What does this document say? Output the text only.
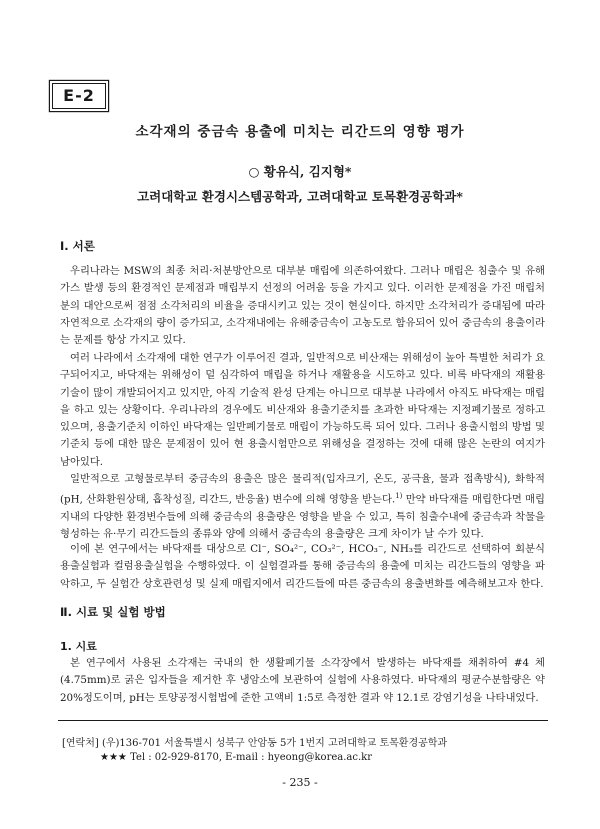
E-2
소각재의 중금속 용출에 미치는 리간드의 영향 평가
○ 황유식, 김지형*
고려대학교 환경시스템공학과, 고려대학교 토목환경공학과*
Ⅰ. 서론

우리나라는 MSW의 최종 처리·처분방안으로 대부분 매립에 의존하여왔다. 그러나 매립은 침출수 및 유해가스 발생 등의 환경적인 문제점과 매립부지 선정의 어려움 등을 가지고 있다. 이러한 문제점을 가진 매립처분의 대안으로써 점점 소각처리의 비율을 증대시키고 있는 것이 현실이다. 하지만 소각처리가 증대됨에 따라 자연적으로 소각재의 량이 증가되고, 소각재내에는 유해중금속이 고농도로 함유되어 있어 중금속의 용출이라는 문제를 항상 가지고 있다.

여러 나라에서 소각재에 대한 연구가 이루어진 결과, 일반적으로 비산재는 위해성이 높아 특별한 처리가 요구되어지고, 바닥재는 위해성이 덜 심각하여 매립을 하거나 재활용을 시도하고 있다. 비록 바닥재의 재활용 기술이 많이 개발되어지고 있지만, 아직 기술적 완성 단계는 아니므로 대부분 나라에서 아직도 바닥재는 매립을 하고 있는 상황이다. 우리나라의 경우에도 비산재와 용출기준치를 초과한 바닥재는 지정폐기물로 정하고 있으며, 용출기준치 이하인 바닥재는 일반폐기물로 매립이 가능하도록 되어 있다. 그러나 용출시험의 방법 및 기준치 등에 대한 많은 문제점이 있어 현 용출시험만으로 위해성을 결정하는 것에 대해 많은 논란의 여지가 남아있다.

일반적으로 고형물로부터 중금속의 용출은 많은 물리적(입자크기, 온도, 공극율, 물과 접촉방식), 화학적(pH, 산화환원상태, 흡착성질, 리간드, 반응율) 변수에 의해 영향을 받는다.$^{1)}$ 만약 바닥재를 매립한다면 매립지내의 다양한 환경변수들에 의해 중금속의 용출량은 영향을 받을 수 있고, 특히 침출수내에 중금속과 착물을 형성하는 유·무기 리간드들의 종류와 양에 의해서 중금속의 용출량은 크게 차이가 날 수가 있다.

이에 본 연구에서는 바닥재를 대상으로 Cl⁻, SO₄²⁻, CO₃²⁻, HCO₃⁻, NH₃를 리간드로 선택하여 회분식 용출실험과 컬럼용출실험을 수행하였다. 이 실험결과를 통해 중금속의 용출에 미치는 리간드들의 영향을 파악하고, 두 실험간 상호관련성 및 실제 매립지에서 리간드들에 따른 중금속의 용출변화를 예측해보고자 한다.

Ⅱ. 시료 및 실험 방법
1. 시료

본 연구에서 사용된 소각재는 국내의 한 생활폐기물 소각장에서 발생하는 바닥재를 채취하여 #4 체(4.75mm)로 굵은 입자들을 제거한 후 냉암소에 보관하여 실험에 사용하였다. 바닥재의 평균수분함량은 약 20%정도이며, pH는 토양공정시험법에 준한 고액비 1:5로 측정한 결과 약 12.1로 강염기성을 나타내었다.

[연락처] (우)136-701 서울특별시 성북구 안암동 5가 1번지 고려대학교 토목환경공학과
★★★ Tel : 02-929-8170, E-mail : hyeong@korea.ac.kr
- 235 -
